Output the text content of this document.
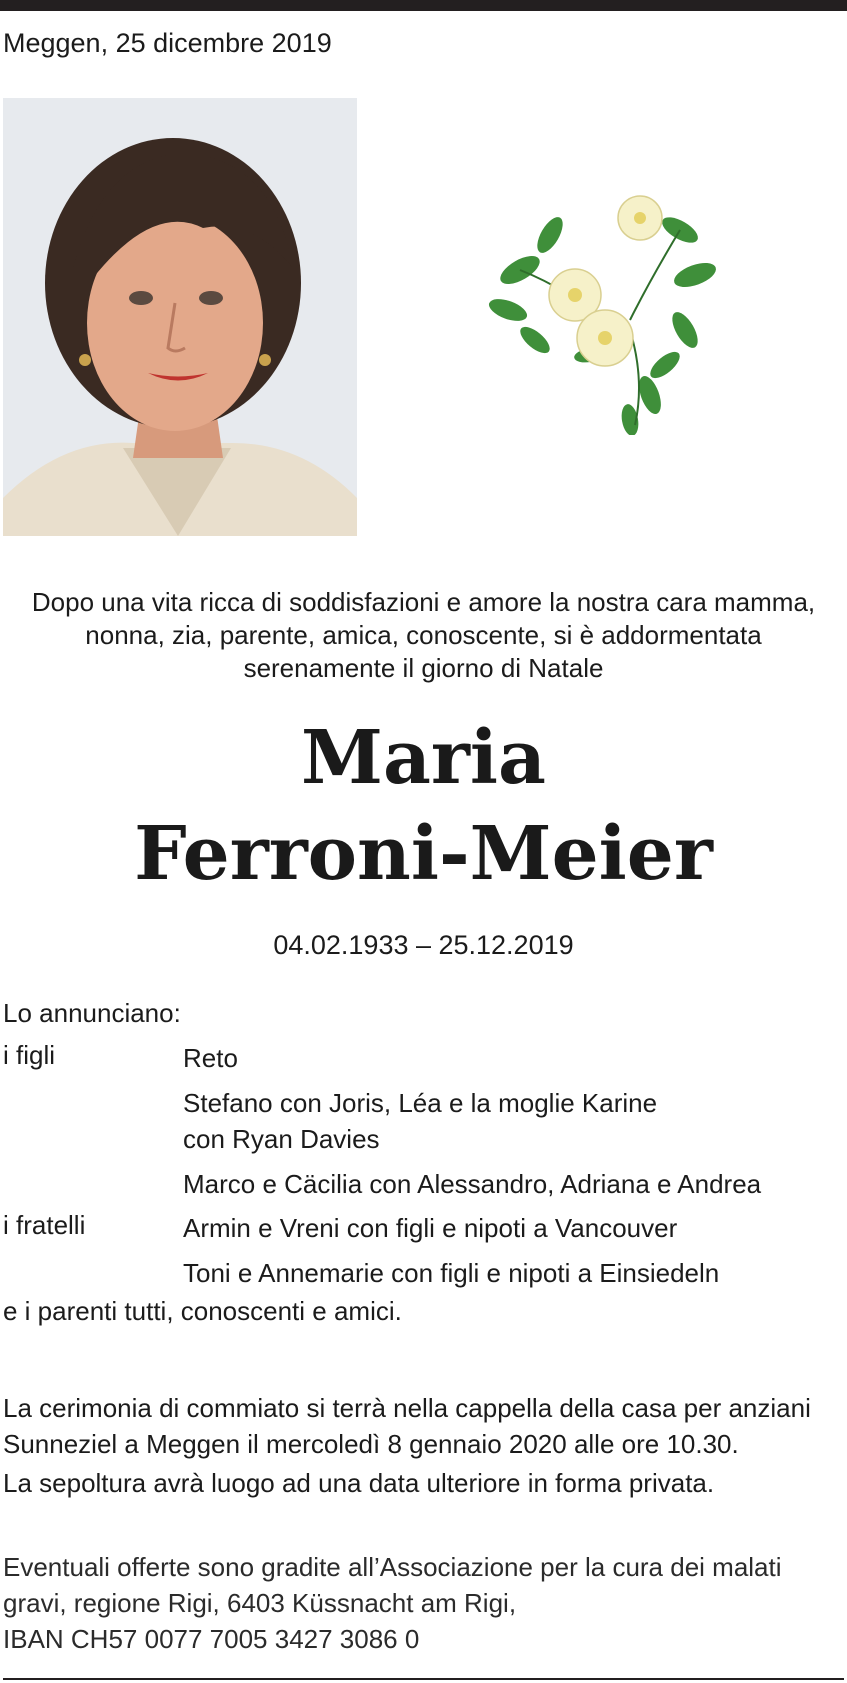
Meggen, 25 dicembre 2019
Dopo una vita ricca di soddisfazioni e amore la nostra cara mamma,
nonna, zia, parente, amica, conoscente, si è addormentata
serenamente il giorno di Natale
Maria
Ferroni-Meier
04.02.1933 – 25.12.2019
Lo annunciano:
i figli	Reto
Stefano con Joris, Léa e la moglie Karine
con Ryan Davies
Marco e Cäcilia con Alessandro, Adriana e Andrea
i fratelli	Armin e Vreni con figli e nipoti a Vancouver
Toni e Annemarie con figli e nipoti a Einsiedeln
e i parenti tutti, conoscenti e amici.
La cerimonia di commiato si terrà nella cappella della casa per anziani
Sunneziel a Meggen il mercoledì 8 gennaio 2020 alle ore 10.30.
La sepoltura avrà luogo ad una data ulteriore in forma privata.
Eventuali offerte sono gradite all’Associazione per la cura dei malati
gravi, regione Rigi, 6403 Küssnacht am Rigi,
IBAN CH57 0077 7005 3427 3086 0
